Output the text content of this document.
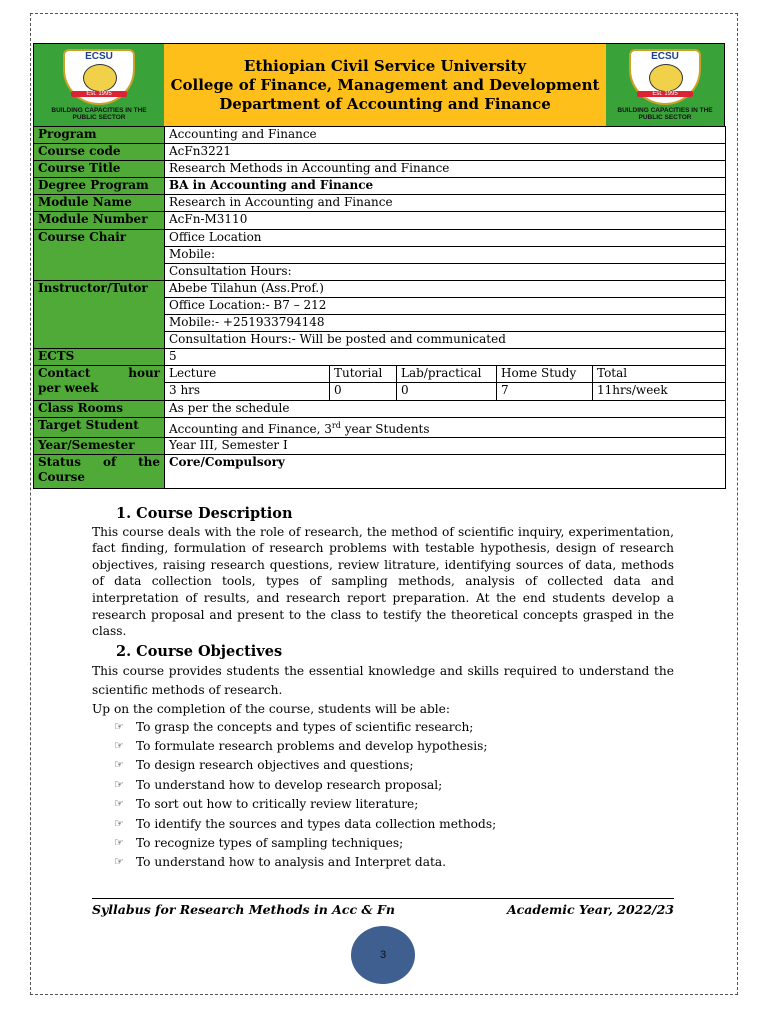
ECSU
Est. 1995
BUILDING CAPACITIES IN THE PUBLIC SECTOR
Ethiopian Civil Service University
College of Finance, Management and Development
Department of Accounting and Finance
ECSU
Est. 1995
BUILDING CAPACITIES IN THE PUBLIC SECTOR
Program	Accounting and Finance				
Course code	AcFn3221				
Course Title	Research Methods in Accounting and Finance				
Degree Program	BA in Accounting and Finance				
Module Name	Research in Accounting and Finance				
Module Number	AcFn-M3110				
Course Chair	Office Location				
	Mobile:				
	Consultation Hours:				
Instructor/Tutor	Abebe Tilahun (Ass.Prof.)				
	Office Location:- B7 – 212				
	Mobile:- +251933794148				
	Consultation Hours:- Will be posted and communicated				
ECTS	5				

Contact hour
per week	Lecture	Tutorial	Lab/practical	Home Study	Total
	3 hrs	0	0	7	11hrs/week
Class Rooms	As per the schedule				
Target Student	Accounting and Finance, 3rd year Students				
Year/Semester	Year III, Semester I				

Status of the
Course	Core/Compulsory				
1. Course Description
This course deals with the role of research, the method of scientific inquiry, experimentation, fact finding, formulation of research problems with testable hypothesis, design of research objectives, raising research questions, review litrature, identifying sources of data, methods of data collection tools, types of sampling methods, analysis of collected data and interpretation of results, and research report preparation. At the end students develop a research proposal and present to the class to testify the theoretical concepts grasped in the class.
2. Course Objectives
This course provides students the essential knowledge and skills required to understand the scientific methods of research.
Up on the completion of the course, students will be able:
☞ To grasp the concepts and types of scientific research;
☞ To formulate research problems and develop hypothesis;
☞ To design research objectives and questions;
☞ To understand how to develop research proposal;
☞ To sort out how to critically review literature;
☞ To identify the sources and types data collection methods;
☞ To recognize types of sampling techniques;
☞ To understand how to analysis and Interpret data.
Syllabus for Research Methods in Acc & Fn	Academic Year, 2022/23
3
